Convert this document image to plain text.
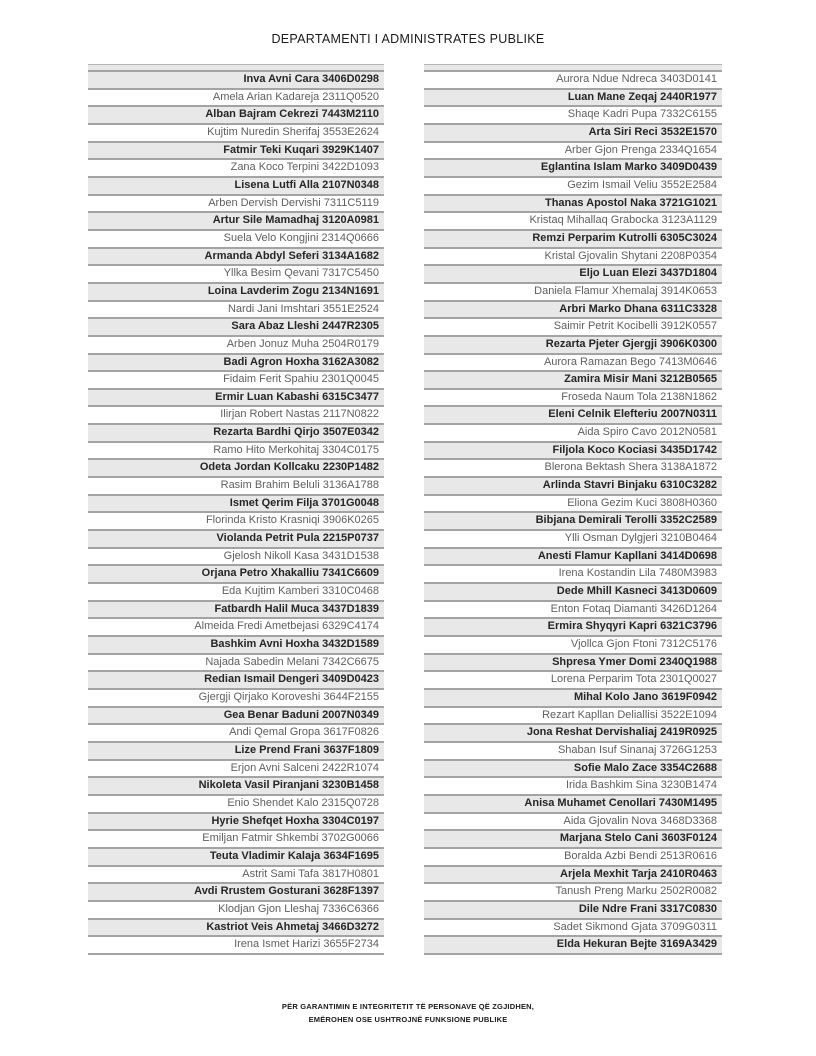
DEPARTAMENTI I ADMINISTRATES PUBLIKE
Inva Avni Cara 3406D0298
Amela Arian Kadareja 2311Q0520
Alban Bajram Cekrezi 7443M2110
Kujtim Nuredin Sherifaj 3553E2624
Fatmir Teki Kuqari 3929K1407
Zana Koco Terpini 3422D1093
Lisena Lutfi Alla 2107N0348
Arben Dervish Dervishi 7311C5119
Artur Sile Mamadhaj 3120A0981
Suela Velo Kongjini 2314Q0666
Armanda Abdyl Seferi 3134A1682
Yllka Besim Qevani 7317C5450
Loina Lavderim Zogu 2134N1691
Nardi Jani Imshtari 3551E2524
Sara Abaz Lleshi 2447R2305
Arben Jonuz Muha 2504R0179
Badi Agron Hoxha 3162A3082
Fidaim Ferit Spahiu 2301Q0045
Ermir Luan Kabashi 6315C3477
Ilirjan Robert Nastas 2117N0822
Rezarta Bardhi Qirjo 3507E0342
Ramo Hito Merkohitaj 3304C0175
Odeta Jordan Kollcaku 2230P1482
Rasim Brahim Beluli 3136A1788
Ismet Qerim Filja 3701G0048
Florinda Kristo Krasniqi 3906K0265
Violanda Petrit Pula 2215P0737
Gjelosh Nikoll Kasa 3431D1538
Orjana Petro Xhakalliu 7341C6609
Eda Kujtim Kamberi 3310C0468
Fatbardh Halil Muca 3437D1839
Almeida Fredi Ametbejasi 6329C4174
Bashkim Avni Hoxha 3432D1589
Najada Sabedin Melani 7342C6675
Redian Ismail Dengeri 3409D0423
Gjergji Qirjako Koroveshi 3644F2155
Gea Benar Baduni 2007N0349
Andi Qemal Gropa 3617F0826
Lize Prend Frani 3637F1809
Erjon Avni Salceni 2422R1074
Nikoleta Vasil Piranjani 3230B1458
Enio Shendet Kalo 2315Q0728
Hyrie Shefqet Hoxha 3304C0197
Emiljan Fatmir Shkembi 3702G0066
Teuta Vladimir Kalaja 3634F1695
Astrit Sami Tafa 3817H0801
Avdi Rrustem Gosturani 3628F1397
Klodjan Gjon Lleshaj 7336C6366
Kastriot Veis Ahmetaj 3466D3272
Irena Ismet Harizi 3655F2734
Aurora Ndue Ndreca 3403D0141
Luan Mane Zeqaj 2440R1977
Shaqe Kadri Pupa 7332C6155
Arta Siri Reci 3532E1570
Arber Gjon Prenga 2334Q1654
Eglantina Islam Marko 3409D0439
Gezim Ismail Veliu 3552E2584
Thanas Apostol Naka 3721G1021
Kristaq Mihallaq Grabocka 3123A1129
Remzi Perparim Kutrolli 6305C3024
Kristal Gjovalin Shytani 2208P0354
Eljo Luan Elezi 3437D1804
Daniela Flamur Xhemalaj 3914K0653
Arbri Marko Dhana 6311C3328
Saimir Petrit Kocibelli 3912K0557
Rezarta Pjeter Gjergji 3906K0300
Aurora Ramazan Bego 7413M0646
Zamira Misir Mani 3212B0565
Froseda Naum Tola 2138N1862
Eleni Celnik Elefteriu 2007N0311
Aida Spiro Cavo 2012N0581
Filjola Koco Kociasi 3435D1742
Blerona Bektash Shera 3138A1872
Arlinda Stavri Binjaku 6310C3282
Eliona Gezim Kuci 3808H0360
Bibjana Demirali Terolli 3352C2589
Ylli Osman Dylgjeri 3210B0464
Anesti Flamur Kapllani 3414D0698
Irena Kostandin Lila 7480M3983
Dede Mhill Kasneci 3413D0609
Enton Fotaq Diamanti 3426D1264
Ermira Shyqyri Kapri 6321C3796
Vjollca Gjon Ftoni 7312C5176
Shpresa Ymer Domi 2340Q1988
Lorena Perparim Tota 2301Q0027
Mihal Kolo Jano 3619F0942
Rezart Kapllan Deliallisi 3522E1094
Jona Reshat Dervishaliaj 2419R0925
Shaban Isuf Sinanaj 3726G1253
Sofie Malo Zace 3354C2688
Irida Bashkim Sina 3230B1474
Anisa Muhamet Cenollari 7430M1495
Aida Gjovalin Nova 3468D3368
Marjana Stelo Cani 3603F0124
Boralda Azbi Bendi 2513R0616
Arjela Mexhit Tarja 2410R0463
Tanush Preng Marku 2502R0082
Dile Ndre Frani 3317C0830
Sadet Sikmond Gjata 3709G0311
Elda Hekuran Bejte 3169A3429
PËR GARANTIMIN E INTEGRITETIT TË PERSONAVE QË ZGJIDHEN,
EMËROHEN OSE USHTROJNË FUNKSIONE PUBLIKE
